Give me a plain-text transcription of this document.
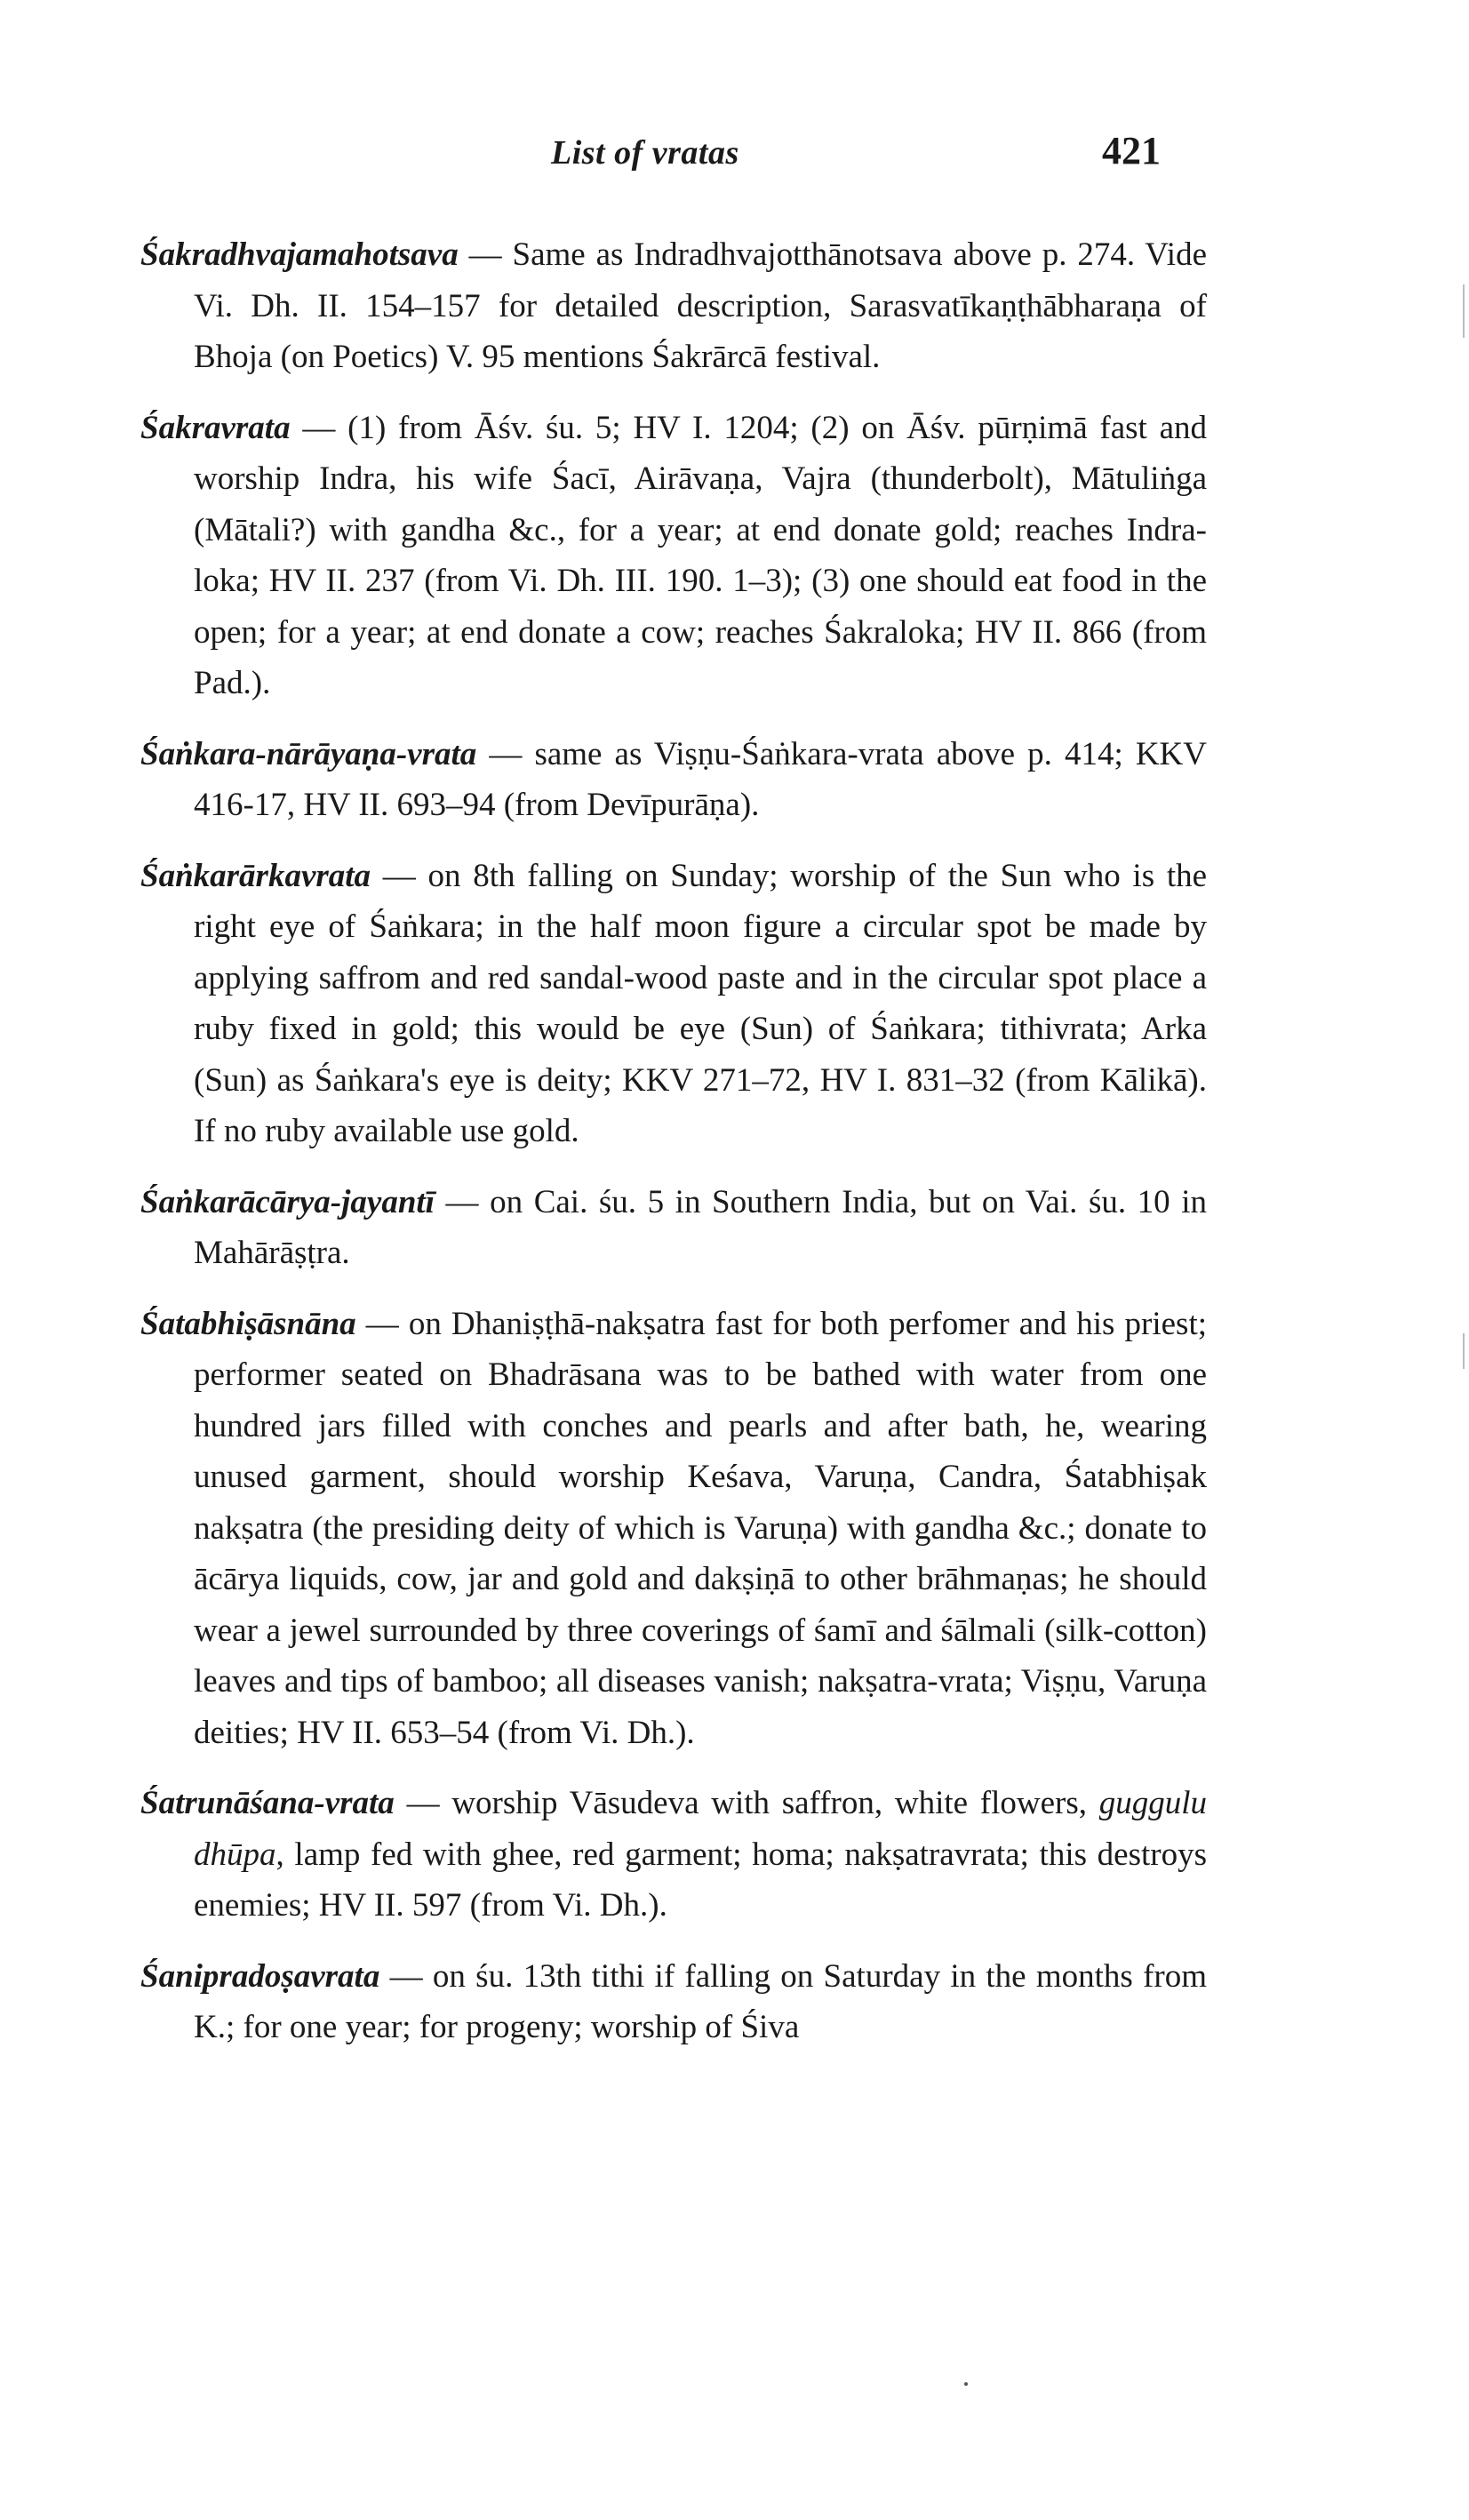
List of vratas	421

Śakradhvajamahotsava — Same as Indradhvajotthānotsava above p. 274. Vide Vi. Dh. II. 154–157 for detailed description, Sarasvatīkaṇṭhābharaṇa of Bhoja (on Poetics) V. 95 mentions Śakrārcā festival.

Śakravrata — (1) from Āśv. śu. 5; HV I. 1204; (2) on Āśv. pūrṇimā fast and worship Indra, his wife Śacī, Airāvaṇa, Vajra (thunderbolt), Mātuliṅga (Mātali?) with gandha &c., for a year; at end donate gold; reaches Indra-loka; HV II. 237 (from Vi. Dh. III. 190. 1–3); (3) one should eat food in the open; for a year; at end donate a cow; reaches Śakraloka; HV II. 866 (from Pad.).

Śaṅkara-nārāyaṇa-vrata — same as Viṣṇu-Śaṅkara-vrata above p. 414; KKV 416-17, HV II. 693–94 (from Devīpurāṇa).

Śaṅkarārkavrata — on 8th falling on Sunday; worship of the Sun who is the right eye of Śaṅkara; in the half moon figure a circular spot be made by applying saffrom and red sandal-wood paste and in the circular spot place a ruby fixed in gold; this would be eye (Sun) of Śaṅkara; tithivrata; Arka (Sun) as Śaṅkara's eye is deity; KKV 271–72, HV I. 831–32 (from Kālikā). If no ruby available use gold.

Śaṅkarācārya-jayantī — on Cai. śu. 5 in Southern India, but on Vai. śu. 10 in Mahārāṣṭra.

Śatabhiṣāsnāna — on Dhaniṣṭhā-nakṣatra fast for both perfomer and his priest; performer seated on Bhadrāsana was to be bathed with water from one hundred jars filled with conches and pearls and after bath, he, wearing unused garment, should worship Keśava, Varuṇa, Candra, Śatabhiṣak nakṣatra (the presiding deity of which is Varuṇa) with gandha &c.; donate to ācārya liquids, cow, jar and gold and dakṣiṇā to other brāhmaṇas; he should wear a jewel surrounded by three coverings of śamī and śālmali (silk-cotton) leaves and tips of bamboo; all diseases vanish; nakṣatra-vrata; Viṣṇu, Varuṇa deities; HV II. 653–54 (from Vi. Dh.).

Śatrunāśana-vrata — worship Vāsudeva with saffron, white flowers, guggulu dhūpa, lamp fed with ghee, red garment; homa; nakṣatravrata; this destroys enemies; HV II. 597 (from Vi. Dh.).

Śanipradoṣavrata — on śu. 13th tithi if falling on Saturday in the months from K.; for one year; for progeny; worship of Śiva
